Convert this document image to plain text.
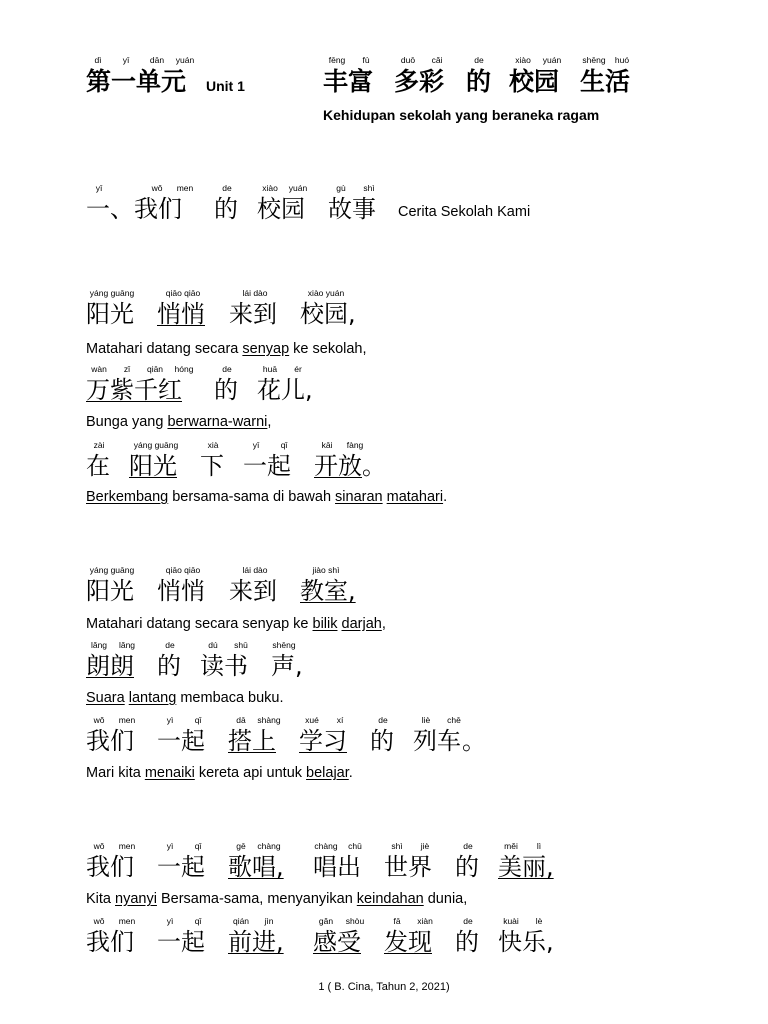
dì yī dān yuán
第一单元 Unit 1
fēng fù	duō cǎi	de	xiào yuán shēng huó
丰富 多彩 的 校园 生活
Kehidupan sekolah yang beraneka ragam
yī	wǒ men	de	xiào yuán	gù shì
一、我们 的 校园 故事 Cerita Sekolah Kami
yáng guāng	qiāo qiāo	lái dào	xiào yuán
阳光 悄悄 来到 校园,
Matahari datang secara senyap ke sekolah,
wàn zǐ qiān hóng	de	huā ér
万紫千红 的 花儿,
Bunga yang berwarna-warni,
zài	yáng guāng	xià	yī	qǐ	kāi fàng
在 阳光 下 一起 开放 。
Berkembang bersama-sama di bawah sinaran matahari.
yáng guāng	qiāo qiāo	lái dào	jiào shì
阳光 悄悄 来到 教室,
Matahari datang secara senyap ke bilik darjah,
lǎng lǎng	de	dú shū	shēng
朗朗 的 读书 声,
Suara lantang membaca buku.
wǒ men	yì	qǐ	dā shàng	xué xí	de	liè chē
我们 一起 搭上 学习 的 列车 。
Mari kita menaiki kereta api untuk belajar.
wǒ men	yì	qǐ	gē chàng	chàng chū	shì jiè	de	měi lì
我们 一起 歌唱, 唱出 世界 的 美丽,
Kita nyanyi Bersama-sama, menyanyikan keindahan dunia,
wǒ men	yì	qǐ	qián jìn	gǎn shòu	fā xiàn	de	kuài lè
我们 一起 前进, 感受 发现 的 快乐,
1 ( B. Cina, Tahun 2, 2021)
